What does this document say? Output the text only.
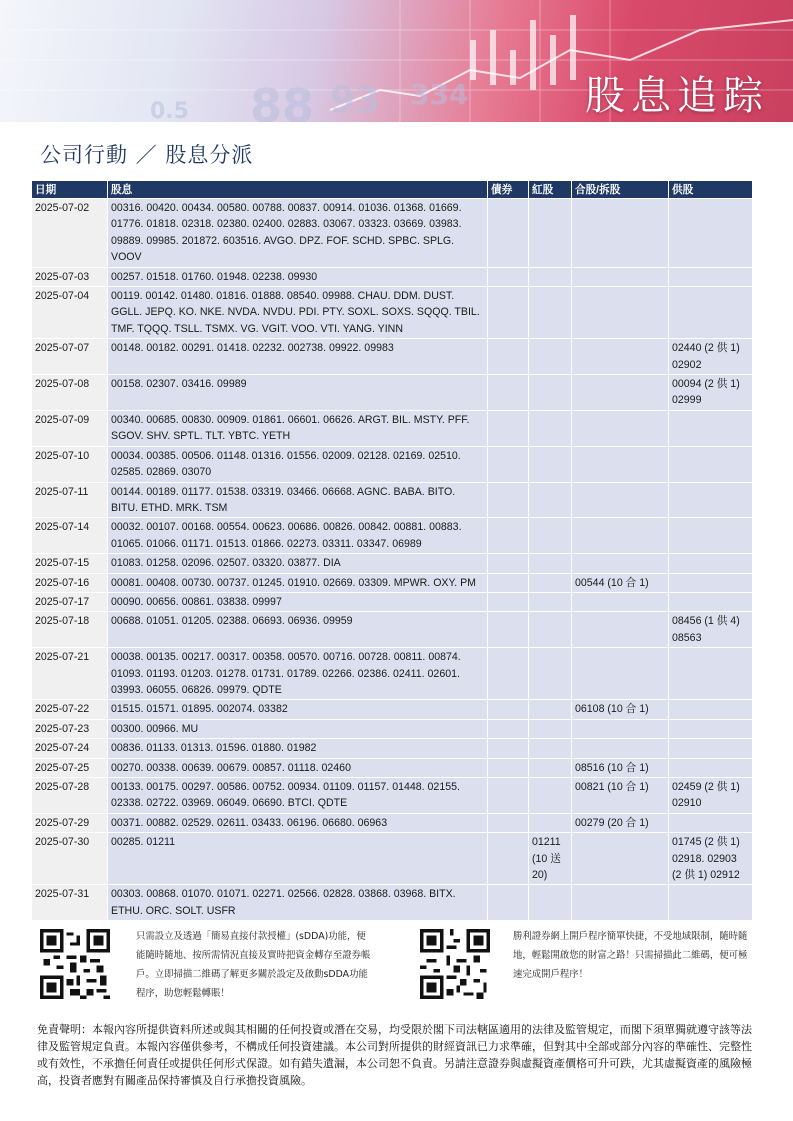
88 93 334
0.5	股息追踪
公司行動 ／ 股息分派
日期	股息	債券	紅股	合股/拆股	供股
2025-07-02	00316. 00420. 00434. 00580. 00788. 00837. 00914. 01036. 01368. 01669. 01776. 01818. 02318. 02380. 02400. 02883. 03067. 03323. 03669. 03983. 09889. 09985. 201872. 603516. AVGO. DPZ. FOF. SCHD. SPBC. SPLG. VOOV				
2025-07-03	00257. 01518. 01760. 01948. 02238. 09930				
2025-07-04	00119. 00142. 01480. 01816. 01888. 08540. 09988. CHAU. DDM. DUST. GGLL. JEPQ. KO. NKE. NVDA. NVDU. PDI. PTY. SOXL. SOXS. SQQQ. TBIL. TMF. TQQQ. TSLL. TSMX. VG. VGIT. VOO. VTI. YANG. YINN				
2025-07-07	00148. 00182. 00291. 01418. 02232. 002738. 09922. 09983				02440 (2 供 1) 02902
2025-07-08	00158. 02307. 03416. 09989				00094 (2 供 1) 02999
2025-07-09	00340. 00685. 00830. 00909. 01861. 06601. 06626. ARGT. BIL. MSTY. PFF. SGOV. SHV. SPTL. TLT. YBTC. YETH				
2025-07-10	00034. 00385. 00506. 01148. 01316. 01556. 02009. 02128. 02169. 02510. 02585. 02869. 03070				
2025-07-11	00144. 00189. 01177. 01538. 03319. 03466. 06668. AGNC. BABA. BITO. BITU. ETHD. MRK. TSM				
2025-07-14	00032. 00107. 00168. 00554. 00623. 00686. 00826. 00842. 00881. 00883. 01065. 01066. 01171. 01513. 01866. 02273. 03311. 03347. 06989				
2025-07-15	01083. 01258. 02096. 02507. 03320. 03877. DIA				
2025-07-16	00081. 00408. 00730. 00737. 01245. 01910. 02669. 03309. MPWR. OXY. PM			00544 (10 合 1)	
2025-07-17	00090. 00656. 00861. 03838. 09997				
2025-07-18	00688. 01051. 01205. 02388. 06693. 06936. 09959				08456 (1 供 4) 08563
2025-07-21	00038. 00135. 00217. 00317. 00358. 00570. 00716. 00728. 00811. 00874. 01093. 01193. 01203. 01278. 01731. 01789. 02266. 02386. 02411. 02601. 03993. 06055. 06826. 09979. QDTE				
2025-07-22	01515. 01571. 01895. 002074. 03382			06108 (10 合 1)	
2025-07-23	00300. 00966. MU				
2025-07-24	00836. 01133. 01313. 01596. 01880. 01982				
2025-07-25	00270. 00338. 00639. 00679. 00857. 01118. 02460			08516 (10 合 1)	
2025-07-28	00133. 00175. 00297. 00586. 00752. 00934. 01109. 01157. 01448. 02155. 02338. 02722. 03969. 06049. 06690. BTCI. QDTE			00821 (10 合 1)	02459 (2 供 1) 02910
2025-07-29	00371. 00882. 02529. 02611. 03433. 06196. 06680. 06963			00279 (20 合 1)	
2025-07-30	00285. 01211		01211 (10 送 20)		01745 (2 供 1) 02918. 02903 (2 供 1) 02912
2025-07-31	00303. 00868. 01070. 01071. 02271. 02566. 02828. 03868. 03968. BITX. ETHU. ORC. SOLT. USFR				
只需設立及透過「簡易直接付款授權」(sDDA)功能，便能隨時隨地、按所需情況直接及實時把資金轉存至證券帳戶。立即掃描二維碼了解更多關於設定及啟動sDDA功能程序，助您輕鬆轉賬！
勝利證券網上開戶程序簡單快捷，不受地域限制，隨時隨地，輕鬆開啟您的財富之路！只需掃描此二維碼，便可極速完成開戶程序！
免責聲明：本報內容所提供資料所述或與其相關的任何投資或潛在交易，均受限於閣下司法轄區適用的法律及監管規定，而閣下須單獨就遵守該等法律及監管規定負責。本報內容僅供參考，不構成任何投資建議。本公司對所提供的財經資訊已力求準確，但對其中全部或部分內容的準確性、完整性或有效性，不承擔任何責任或提供任何形式保證。如有錯失遺漏，本公司恕不負責。另請注意證券與虛擬資產價格可升可跌，尤其虛擬資產的風險極高，投資者應對有關產品保持審慎及自行承擔投資風險。
